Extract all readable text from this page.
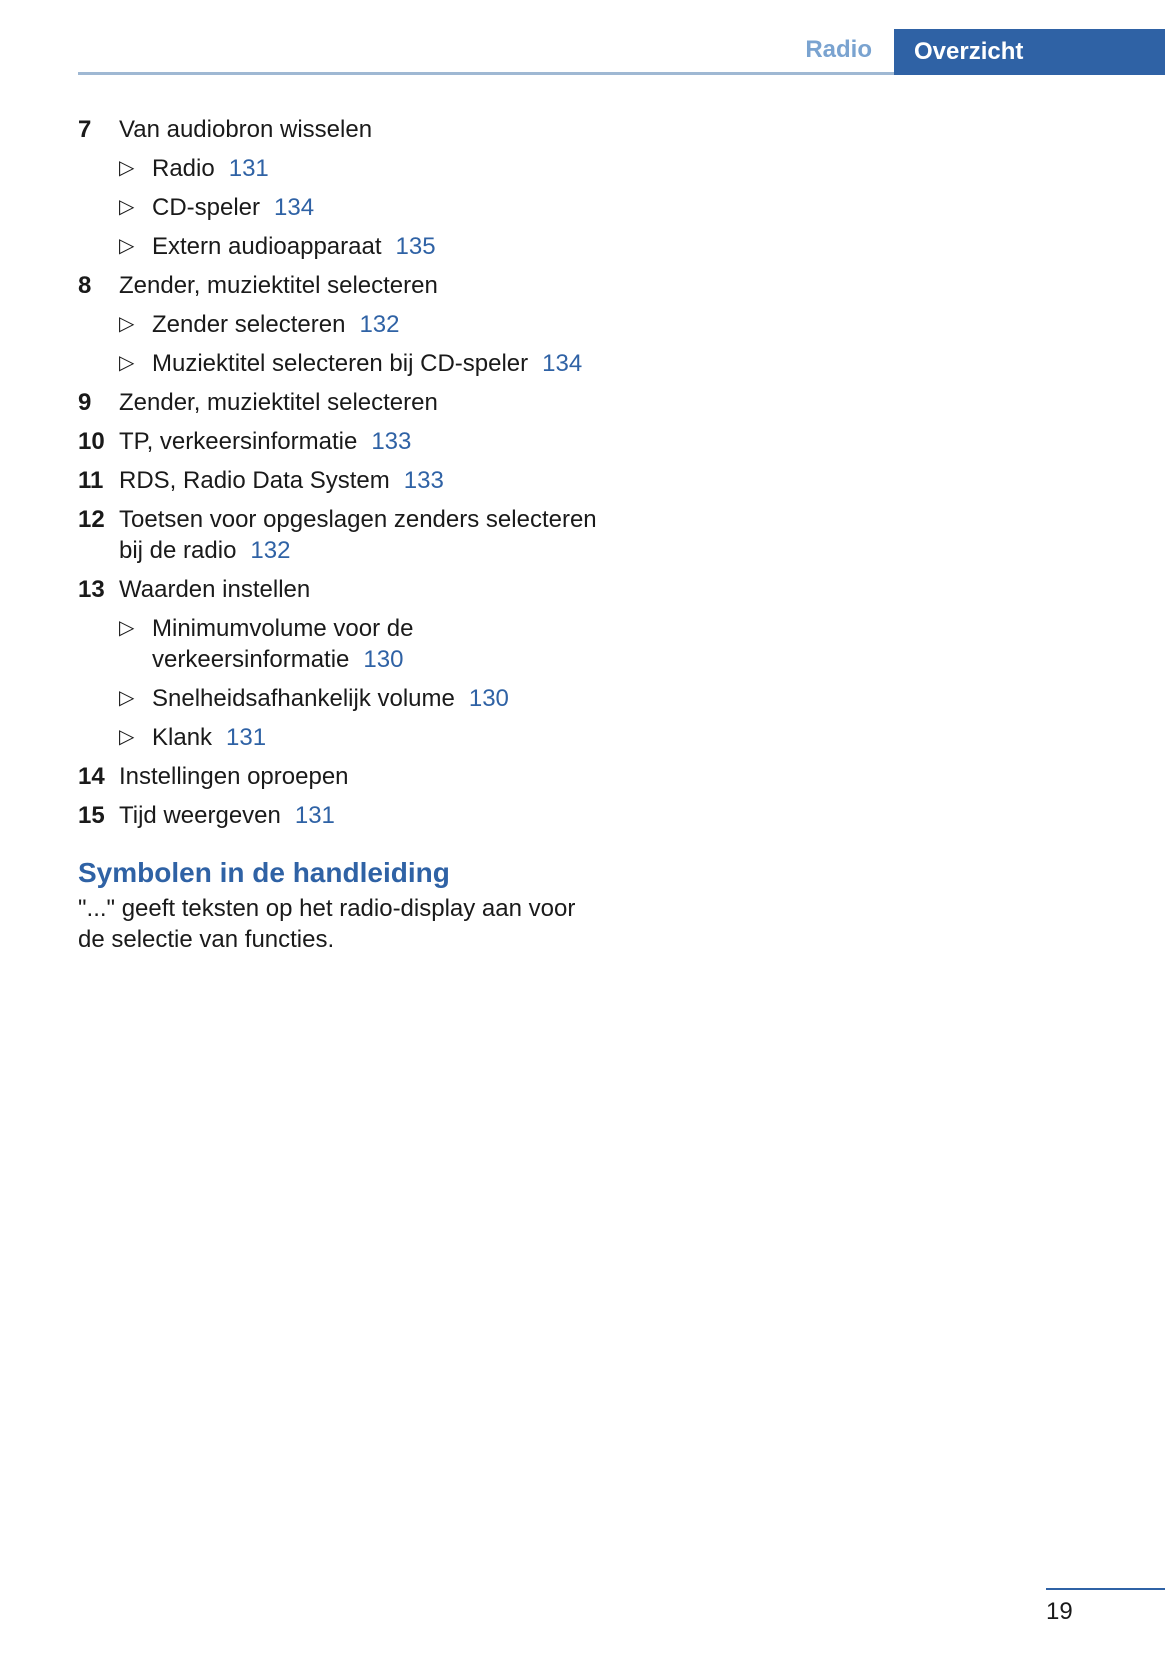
Radio	Overzicht
7	Van audiobron wisselen
▷ Radio 131
▷ CD-speler 134
▷ Extern audioapparaat 135
8	Zender, muziektitel selecteren
▷ Zender selecteren 132
▷ Muziektitel selecteren bij CD-speler 134
9	Zender, muziektitel selecteren
10 TP, verkeersinformatie 133
11 RDS, Radio Data System 133
12 Toetsen voor opgeslagen zenders selecteren bij de radio 132
13 Waarden instellen
▷ Minimumvolume voor de verkeersinformatie 130
▷ Snelheidsafhankelijk volume 130
▷ Klank 131
14 Instellingen oproepen
15 Tijd weergeven 131
Symbolen in de handleiding
"..." geeft teksten op het radio-display aan voor de selectie van functies.
19
